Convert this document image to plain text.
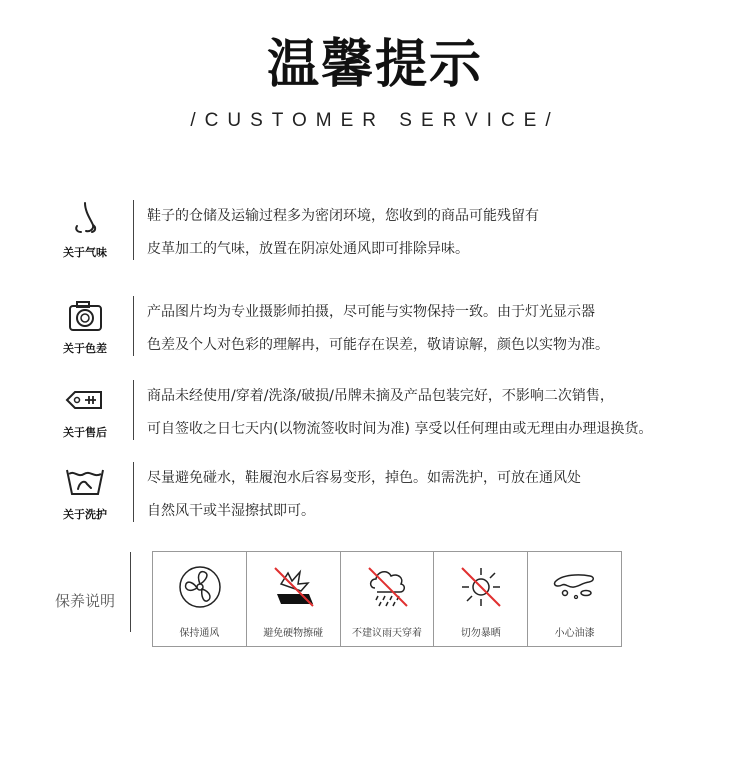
温馨提示
/CUSTOMER SERVICE/
关于气味
鞋子的仓储及运输过程多为密闭环境，您收到的商品可能残留有
皮革加工的气味，放置在阴凉处通风即可排除异味。
关于色差
产品图片均为专业摄影师拍摄，尽可能与实物保持一致。由于灯光显示器
色差及个人对色彩的理解冉，可能存在误差，敬请谅解，颜色以实物为准。
关于售后
商品未经使用/穿着/洗涤/破损/吊牌未摘及产品包装完好，不影响二次销售，
可自签收之日七天内(以物流签收时间为准) 享受以任何理由或无理由办理退换货。
关于洗护
尽量避免碰水，鞋履泡水后容易变形，掉色。如需洗护，可放在通风处
自然风干或半湿擦拭即可。
保养说明
保持通风	避免硬物擦碰	不建议雨天穿着	切勿暴晒	小心油漆
